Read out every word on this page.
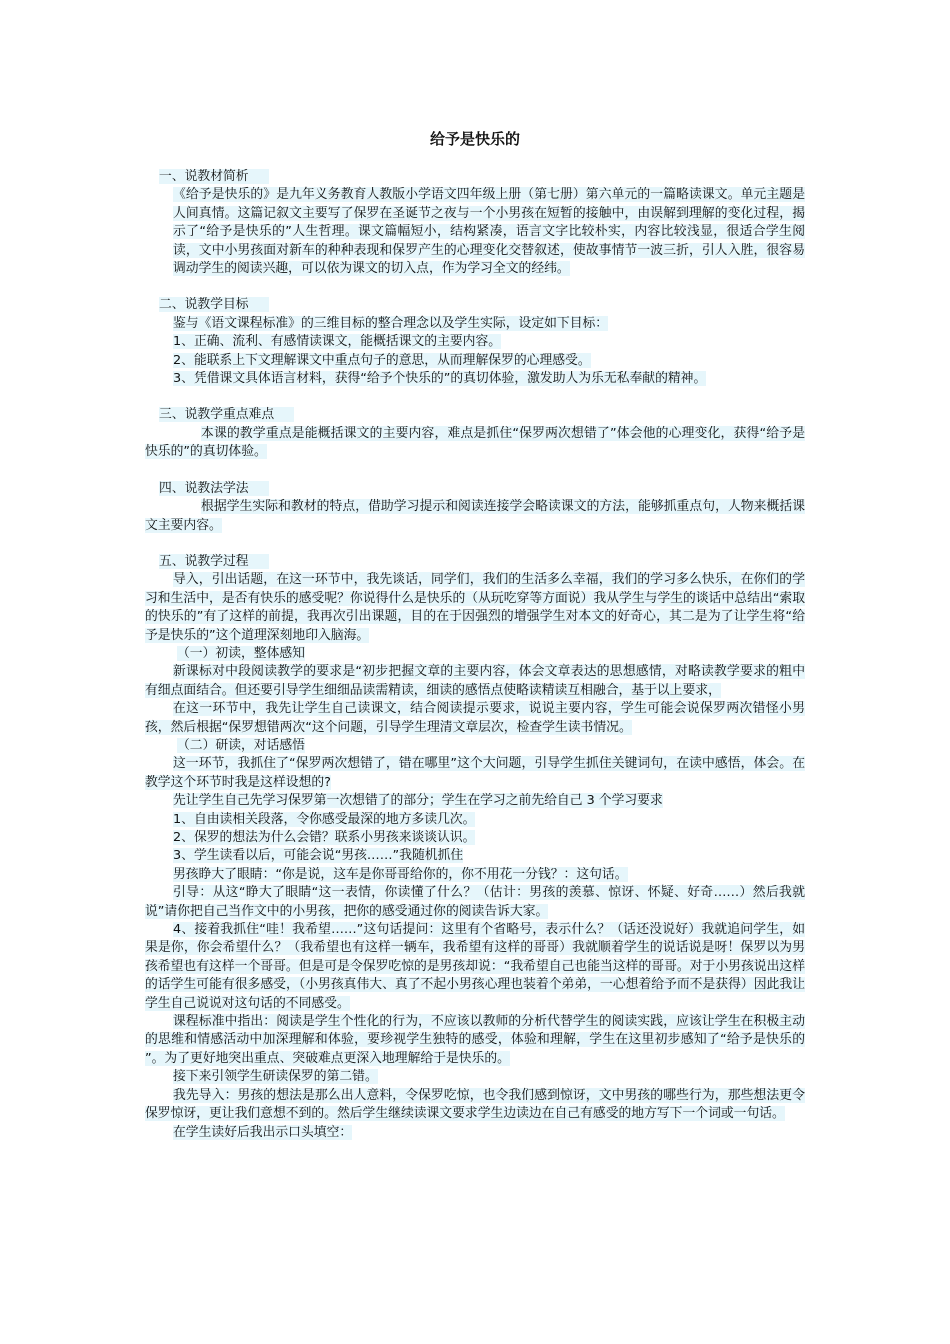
给予是快乐的

一、说教材简析

《给予是快乐的》是九年义务教育人教版小学语文四年级上册（第七册）第六单元的一篇略读课文。单元主题是人间真情。这篇记叙文主要写了保罗在圣诞节之夜与一个小男孩在短暂的接触中，由误解到理解的变化过程，揭示了“给予是快乐的”人生哲理。课文篇幅短小，结构紧凑，语言文字比较朴实，内容比较浅显，很适合学生阅读，文中小男孩面对新车的种种表现和保罗产生的心理变化交替叙述，使故事情节一波三折，引人入胜，很容易调动学生的阅读兴趣，可以依为课文的切入点，作为学习全文的经纬。

二、说教学目标

鉴与《语文课程标准》的三维目标的整合理念以及学生实际，设定如下目标：

1、正确、流利、有感情读课文，能概括课文的主要内容。

2、能联系上下文理解课文中重点句子的意思，从而理解保罗的心理感受。

3、凭借课文具体语言材料，获得“给予个快乐的”的真切体验，激发助人为乐无私奉献的精神。

三、说教学重点难点

本课的教学重点是能概括课文的主要内容，难点是抓住“保罗两次想错了”体会他的心理变化，获得“给予是快乐的”的真切体验。

四、说教法学法

根据学生实际和教材的特点，借助学习提示和阅读连接学会略读课文的方法，能够抓重点句，人物来概括课文主要内容。

五、说教学过程

导入，引出话题，在这一环节中，我先谈话，同学们，我们的生活多么幸福，我们的学习多么快乐，在你们的学习和生活中，是否有快乐的感受呢？你说得什么是快乐的（从玩吃穿等方面说）我从学生与学生的谈话中总结出“索取的快乐的”有了这样的前提，我再次引出课题，目的在于因强烈的增强学生对本文的好奇心，其二是为了让学生将“给予是快乐的”这个道理深刻地印入脑海。

（一）初读，整体感知

新课标对中段阅读教学的要求是“初步把握文章的主要内容，体会文章表达的思想感情，对略读教学要求的粗中有细点面结合。但还要引导学生细细品读需精读，细读的感悟点使略读精读互相融合，基于以上要求，

在这一环节中，我先让学生自己读课文，结合阅读提示要求，说说主要内容，学生可能会说保罗两次错怪小男孩，然后根据“保罗想错两次“这个问题，引导学生理清文章层次，检查学生读书情况。

（二）研读，对话感悟

这一环节，我抓住了“保罗两次想错了，错在哪里”这个大问题，引导学生抓住关键词句，在读中感悟，体会。在教学这个环节时我是这样设想的?

先让学生自己先学习保罗第一次想错了的部分；学生在学习之前先给自己 3 个学习要求

1、自由读相关段落，令你感受最深的地方多读几次。

2、保罗的想法为什么会错？联系小男孩来谈谈认识。

3、学生读看以后，可能会说“男孩……”我随机抓住

男孩睁大了眼睛：“你是说，这车是你哥哥给你的，你不用花一分钱？：这句话。

引导：从这“睁大了眼睛“这一表情，你读懂了什么？（估计：男孩的羡慕、惊讶、怀疑、好奇……）然后我就说”请你把自己当作文中的小男孩，把你的感受通过你的阅读告诉大家。

4、接着我抓住“哇！我希望……”这句话提问：这里有个省略号，表示什么？（话还没说好）我就追问学生，如果是你，你会希望什么？（我希望也有这样一辆车，我希望有这样的哥哥）我就顺着学生的说话说是呀！保罗以为男孩希望也有这样一个哥哥。但是可是令保罗吃惊的是男孩却说：“我希望自己也能当这样的哥哥。对于小男孩说出这样的话学生可能有很多感受，（小男孩真伟大、真了不起小男孩心理也装着个弟弟，一心想着给予而不是获得）因此我让学生自己说说对这句话的不同感受。

课程标准中指出：阅读是学生个性化的行为，不应该以教师的分析代替学生的阅读实践，应该让学生在积极主动的思维和情感活动中加深理解和体验，要珍视学生独特的感受，体验和理解，学生在这里初步感知了“给予是快乐的 ”。为了更好地突出重点、突破难点更深入地理解给于是快乐的。

接下来引领学生研读保罗的第二错。

我先导入：男孩的想法是那么出人意料，令保罗吃惊，也令我们感到惊讶，文中男孩的哪些行为，那些想法更令保罗惊讶，更让我们意想不到的。然后学生继续读课文要求学生边读边在自己有感受的地方写下一个词或一句话。

在学生读好后我出示口头填空：
